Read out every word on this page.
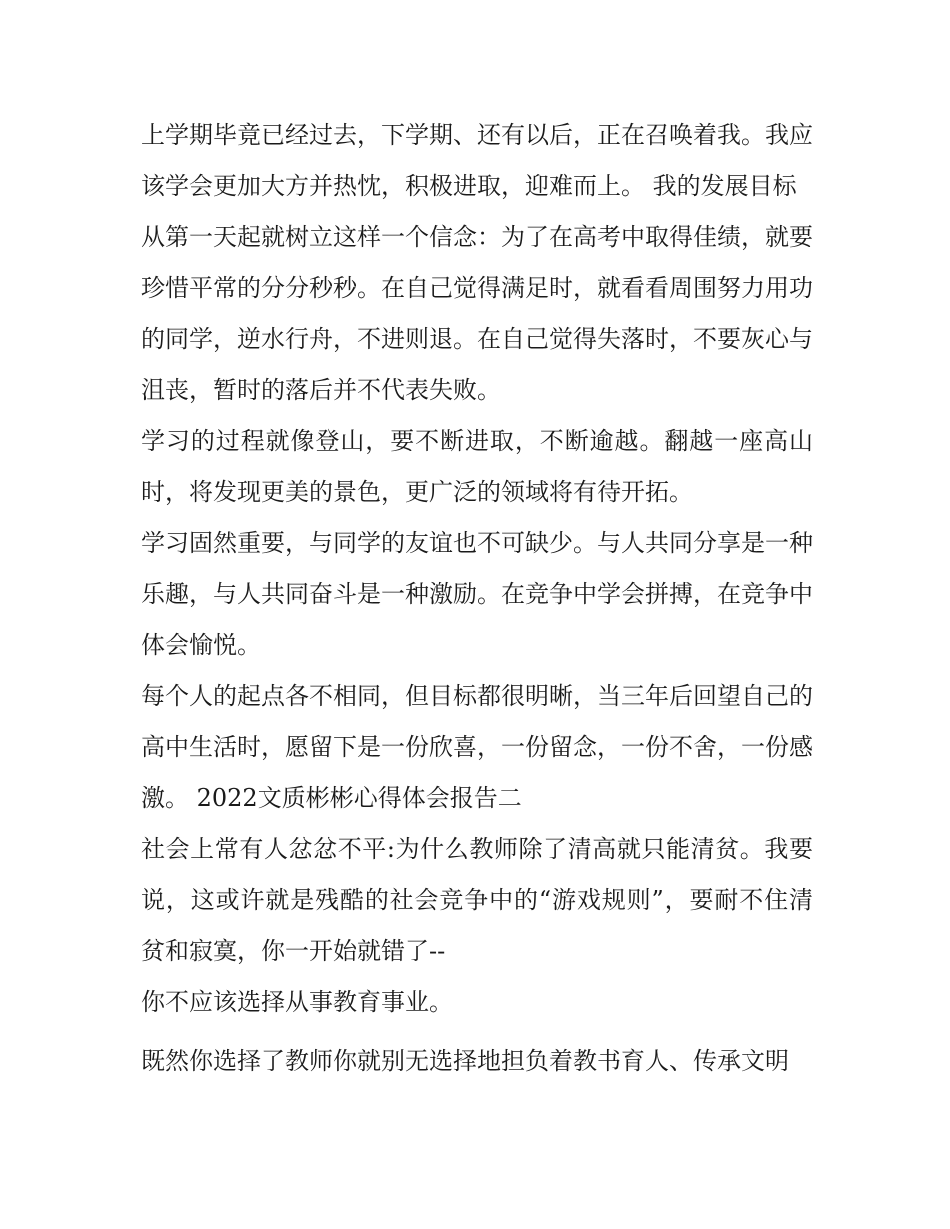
上学期毕竟已经过去，下学期、还有以后，正在召唤着我。我应该学会更加大方并热忱，积极进取，迎难而上。 我的发展目标

从第一天起就树立这样一个信念：为了在高考中取得佳绩，就要珍惜平常的分分秒秒。在自己觉得满足时，就看看周围努力用功的同学，逆水行舟，不进则退。在自己觉得失落时，不要灰心与沮丧，暂时的落后并不代表失败。

学习的过程就像登山，要不断进取，不断逾越。翻越一座高山时，将发现更美的景色，更广泛的领域将有待开拓。

学习固然重要，与同学的友谊也不可缺少。与人共同分享是一种乐趣，与人共同奋斗是一种激励。在竞争中学会拼搏，在竞争中体会愉悦。

每个人的起点各不相同，但目标都很明晰，当三年后回望自己的高中生活时，愿留下是一份欣喜，一份留念，一份不舍，一份感激。 2022文质彬彬心得体会报告二

社会上常有人忿忿不平:为什么教师除了清高就只能清贫。我要说，这或许就是残酷的社会竞争中的“游戏规则”，要耐不住清贫和寂寞，你一开始就错了--

你不应该选择从事教育事业。

既然你选择了教师你就别无选择地担负着教书育人、传承文明
